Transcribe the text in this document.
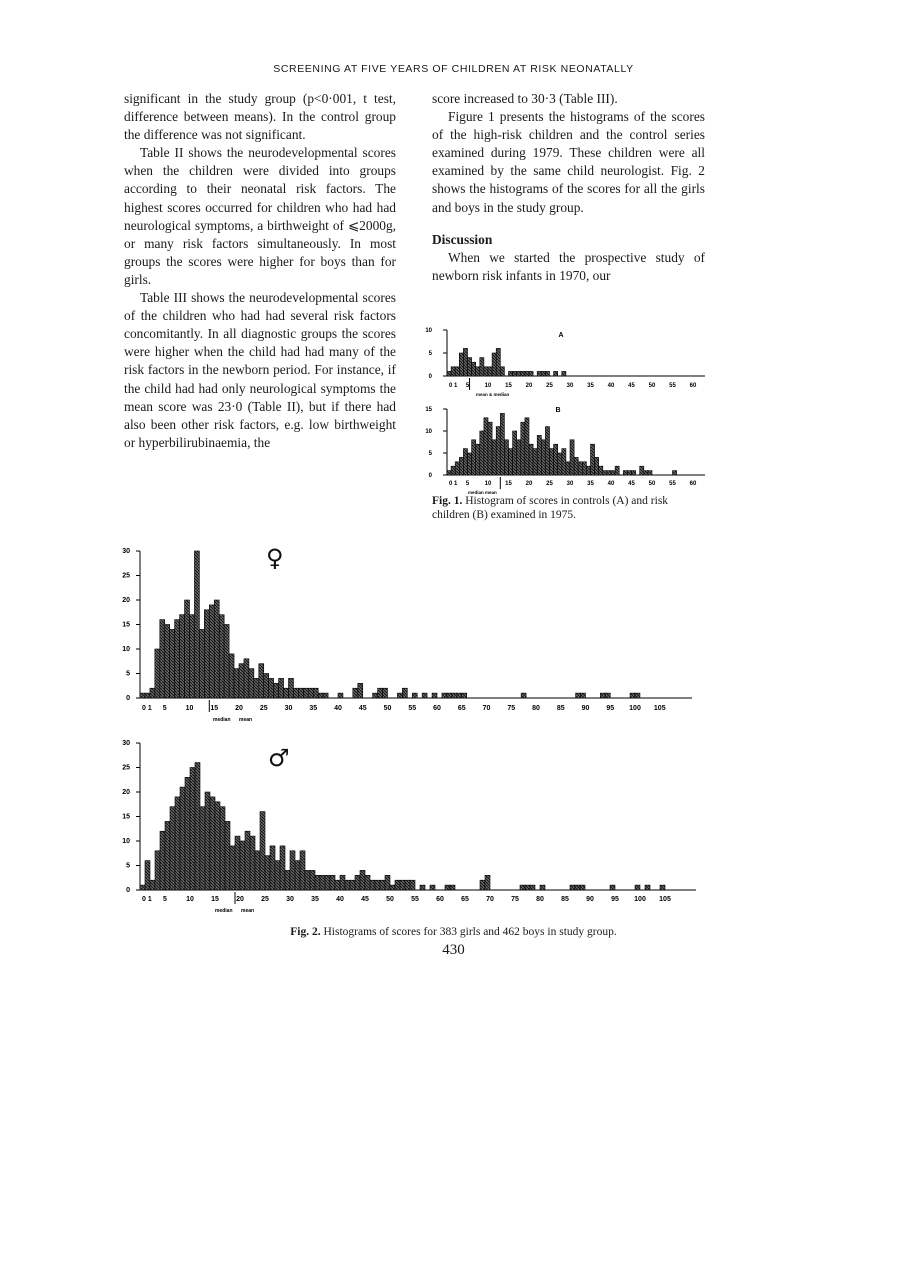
SCREENING AT FIVE YEARS OF CHILDREN AT RISK NEONATALLY

significant in the study group (p<0·001, t test, difference between means). In the control group the difference was not significant.

Table II shows the neurodevelopmental scores when the children were divided into groups according to their neonatal risk factors. The highest scores occurred for children who had had neurological symptoms, a birthweight of ⩽2000g, or many risk factors simultaneously. In most groups the scores were higher for boys than for girls.

Table III shows the neurodevelopmental scores of the children who had had several risk factors concomitantly. In all diagnostic groups the scores were higher when the child had had many of the risk factors in the newborn period. For instance, if the child had had only neurological symptoms the mean score was 23·0 (Table II), but if there had also been other risk factors, e.g. low birthweight or hyperbilirubinaemia, the

score increased to 30·3 (Table III).

Figure 1 presents the histograms of the scores of the high-risk children and the control series examined during 1979. These children were all examined by the same child neurologist. Fig. 2 shows the histograms of the scores for all the girls and boys in the study group.

Discussion

When we started the prospective study of newborn risk infants in 1970, our

0
5
10
0 1 5	10 15 20 25 30 35 40 45 50 55 60
A
mean & median
0
5
10
15
0 1 5	10 15 20 25 30 35 40 45 50 55 60
B
median mean
0
5
10
15
20
25
30
0 1 5	10 15 20 25 30 35 40 45 50 55 60 65 70 75 80 85 90 95 100 105
median mean
0
5
10
15
20
25
30
0 1 5	10 15 20 25 30 35 40 45 50 55 60 65 70 75 80 85 90 95 100 105
median mean
Fig. 1. Histogram of scores in controls (A) and risk children (B) examined in 1975.
♀
♂
Fig. 2. Histograms of scores for 383 girls and 462 boys in study group.
430
